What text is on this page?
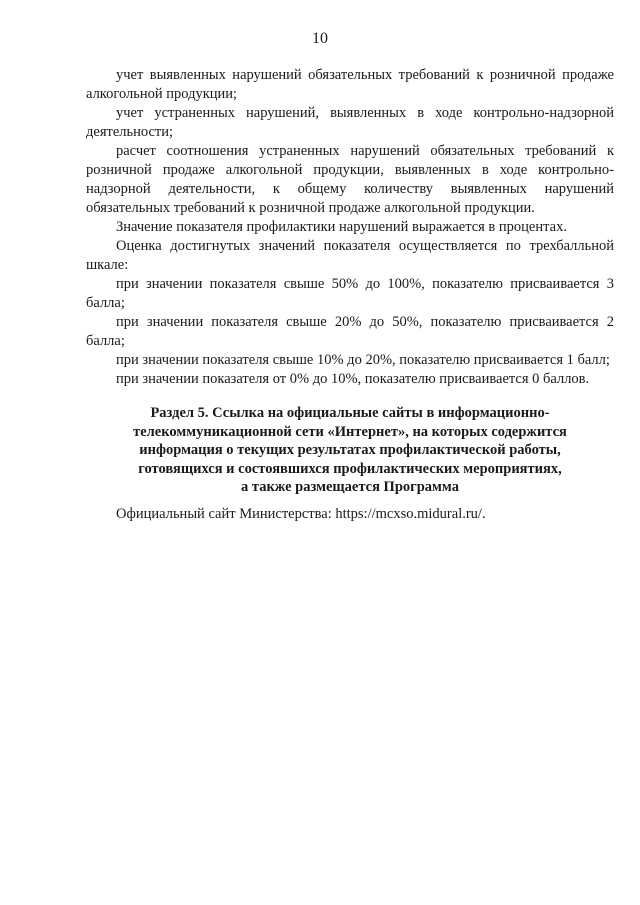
10

учет выявленных нарушений обязательных требований к розничной продаже алкогольной продукции;

учет устраненных нарушений, выявленных в ходе контрольно-надзорной деятельности;

расчет соотношения устраненных нарушений обязательных требований к розничной продаже алкогольной продукции, выявленных в ходе контрольно-надзорной деятельности, к общему количеству выявленных нарушений обязательных требований к розничной продаже алкогольной продукции.

Значение показателя профилактики нарушений выражается в процентах.

Оценка достигнутых значений показателя осуществляется по трехбалльной шкале:

при значении показателя свыше 50% до 100%, показателю присваивается 3 балла;

при значении показателя свыше 20% до 50%, показателю присваивается 2 балла;

при значении показателя свыше 10% до 20%, показателю присваивается 1 балл;

при значении показателя от 0% до 10%, показателю присваивается 0 баллов.

Раздел 5. Ссылка на официальные сайты в информационно-
телекоммуникационной сети «Интернет», на которых содержится
информация о текущих результатах профилактической работы,
готовящихся и состоявшихся профилактических мероприятиях,
а также размещается Программа
Официальный сайт Министерства: https://mcxso.midural.ru/.
